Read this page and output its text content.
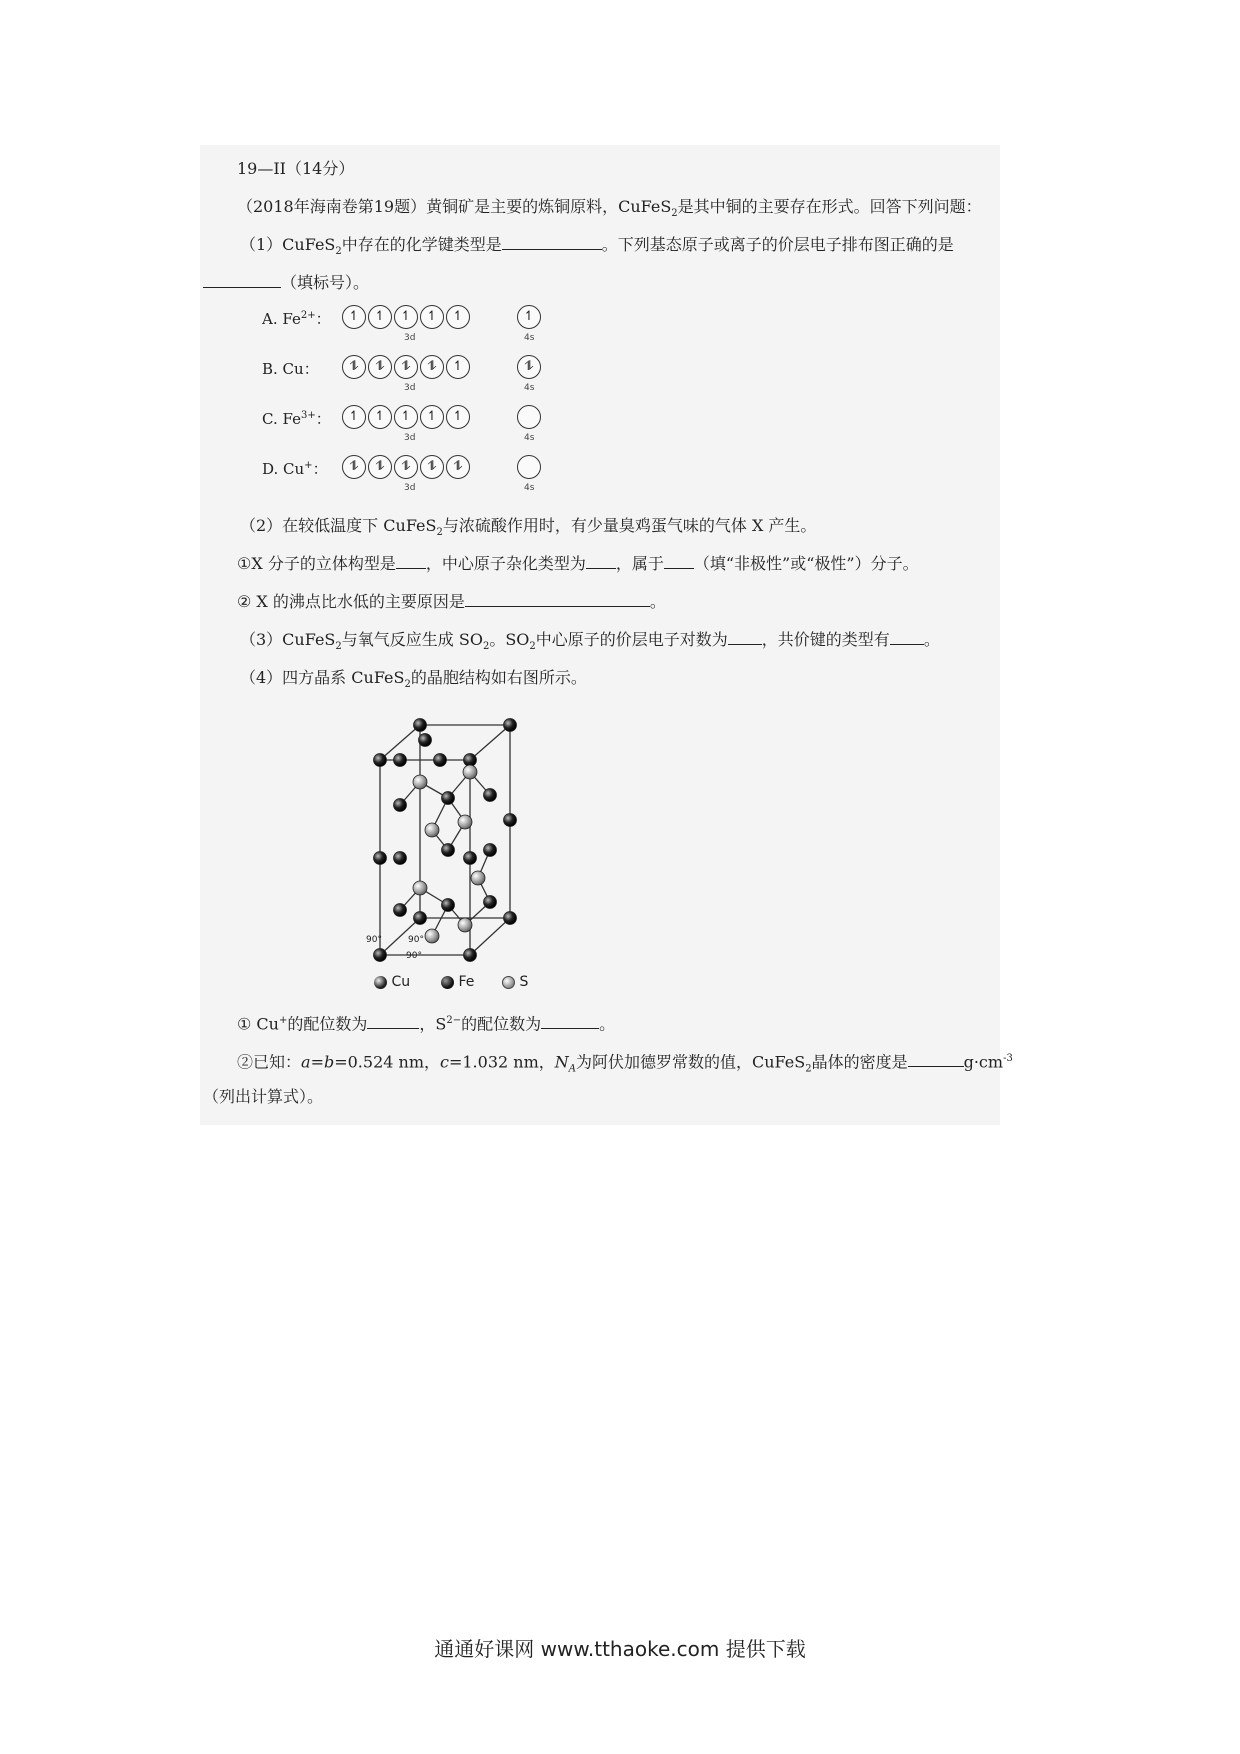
19—II（14分）
（2018年海南卷第19题）黄铜矿是主要的炼铜原料，CuFeS$_2$是其中铜的主要存在形式。回答下列问题：
（1）CuFeS$_2$中存在的化学键类型是	。下列基态原子或离子的价层电子排布图正确的是
（填标号）。
A. $Fe^{2+}$：	↿	↿	↿	↿	↿	↿
3d	4s
B. Cu：	⥮	⥮	⥮	⥮	↿	⥮
3d	4s
C. $Fe^{3+}$：	↿	↿	↿	↿	↿
3d	4s
D. Cu+：	⥮	⥮	⥮	⥮	⥮
3d	4s
（2）在较低温度下 CuFeS$_2$与浓硫酸作用时，有少量臭鸡蛋气味的气体 X 产生。
①X 分子的立体构型是 ，中心原子杂化类型为 ，属于 （填“非极性”或“极性”）分子。
② X 的沸点比水低的主要原因是	。
（3）CuFeS$_2$与氧气反应生成 $SO_2$。$SO_2$中心原子的价层电子对数为 ，共价键的类型有 。
（4）四方晶系 CuFeS$_2$的晶胞结构如右图所示。
90°	90°
90°
Cu	Fe	S
① Cu+的配位数为	，$S^{2-}$的配位数为	。
②已知：a=b=0.524 nm，c=1.032 nm，$N_A$为阿伏加德罗常数的值，CuFeS$_2$晶体的密度是	$g\cdot cm^{-3}$
（列出计算式）。
通通好课网 www.tthaoke.com 提供下载
